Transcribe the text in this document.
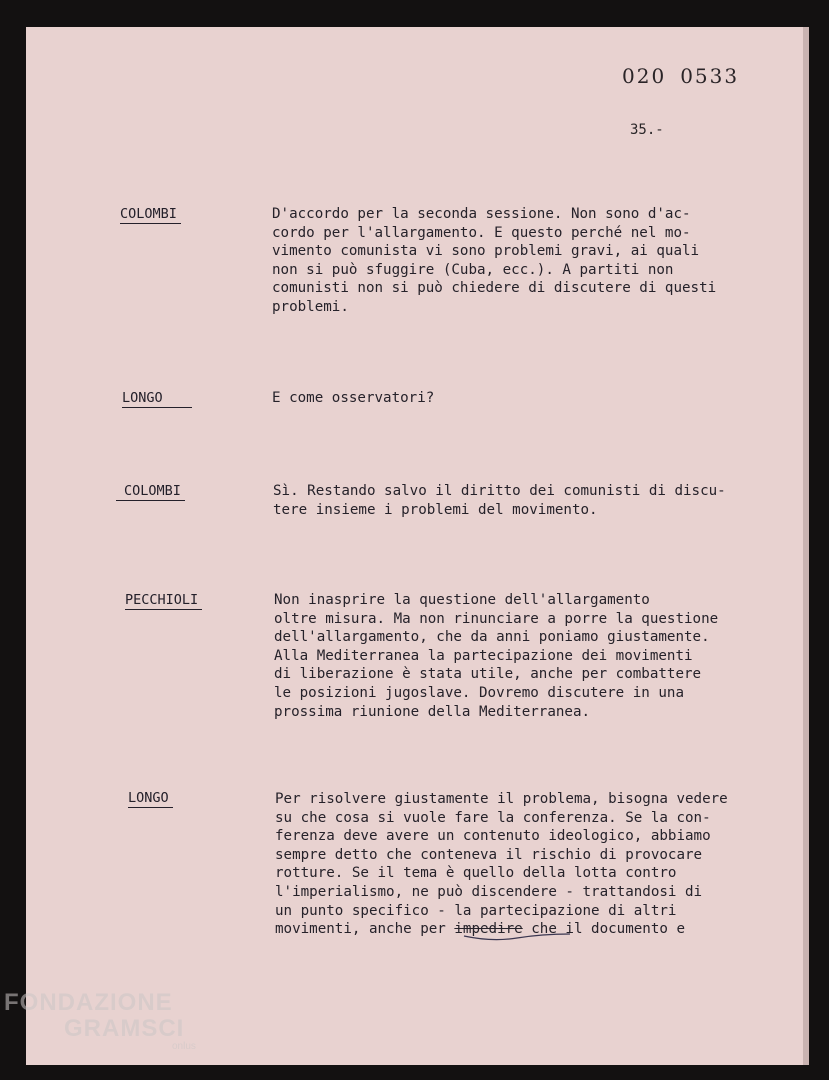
020 0533
35.-
COLOMBI	D'accordo per la seconda sessione. Non sono d'ac-
cordo per l'allargamento. E questo perché nel mo-
vimento comunista vi sono problemi gravi, ai quali
non si può sfuggire (Cuba, ecc.). A partiti non
comunisti non si può chiedere di discutere di questi
problemi.

LONGO	E come osservatori?

COLOMBI	Sì. Restando salvo il diritto dei comunisti di discu-
tere insieme i problemi del movimento.

PECCHIOLI	Non inasprire la questione dell'allargamento
oltre misura. Ma non rinunciare a porre la questione
dell'allargamento, che da anni poniamo giustamente.
Alla Mediterranea la partecipazione dei movimenti
di liberazione è stata utile, anche per combattere
le posizioni jugoslave. Dovremo discutere in una
prossima riunione della Mediterranea.

LONGO	Per risolvere giustamente il problema, bisogna vedere
su che cosa si vuole fare la conferenza. Se la con-
ferenza deve avere un contenuto ideologico, abbiamo
sempre detto che conteneva il rischio di provocare
rotture. Se il tema è quello della lotta contro
l'imperialismo, ne può discendere - trattandosi di
un punto specifico - la partecipazione di altri
movimenti, anche per impedire che il documento e

FONDAZIONE
GRAMSCI
onlus
